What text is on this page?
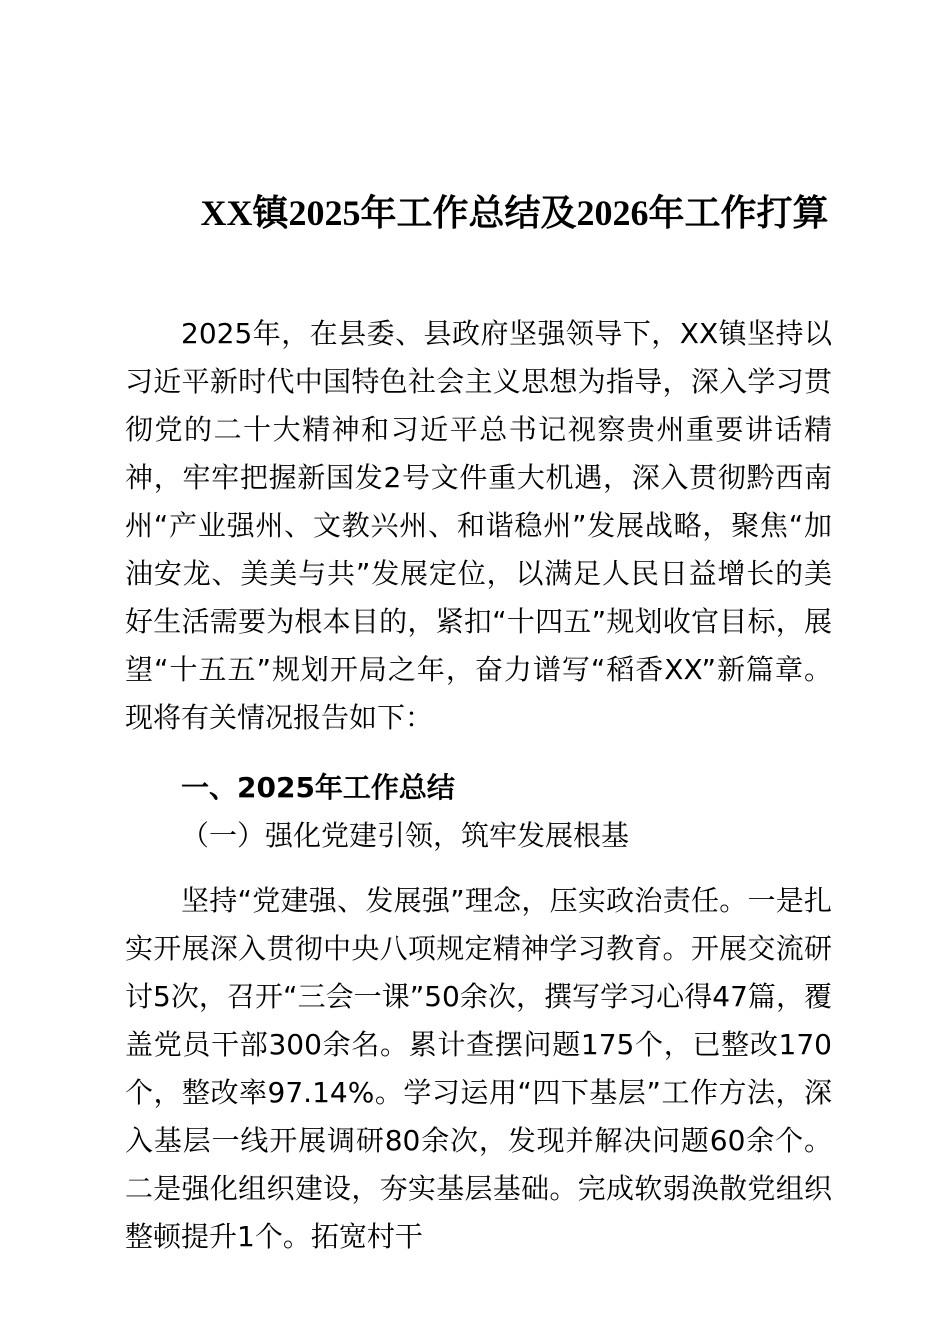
XX镇2025年工作总结及2026年工作打算

2025年，在县委、县政府坚强领导下，XX镇坚持以习近平新时代中国特色社会主义思想为指导，深入学习贯彻党的二十大精神和习近平总书记视察贵州重要讲话精神，牢牢把握新国发2号文件重大机遇，深入贯彻黔西南州“产业强州、文教兴州、和谐稳州”发展战略，聚焦“加油安龙、美美与共”发展定位，以满足人民日益增长的美好生活需要为根本目的，紧扣“十四五”规划收官目标，展望“十五五”规划开局之年，奋力谱写“稻香XX”新篇章。现将有关情况报告如下：

一、2025年工作总结

（一）强化党建引领，筑牢发展根基

坚持“党建强、发展强”理念，压实政治责任。一是扎实开展深入贯彻中央八项规定精神学习教育。开展交流研讨5次，召开“三会一课”50余次，撰写学习心得47篇，覆盖党员干部300余名。累计查摆问题175个，已整改170个，整改率97.14%。学习运用“四下基层”工作方法，深入基层一线开展调研80余次，发现并解决问题60余个。二是强化组织建设，夯实基层基础。完成软弱涣散党组织整顿提升1个。拓宽村干
